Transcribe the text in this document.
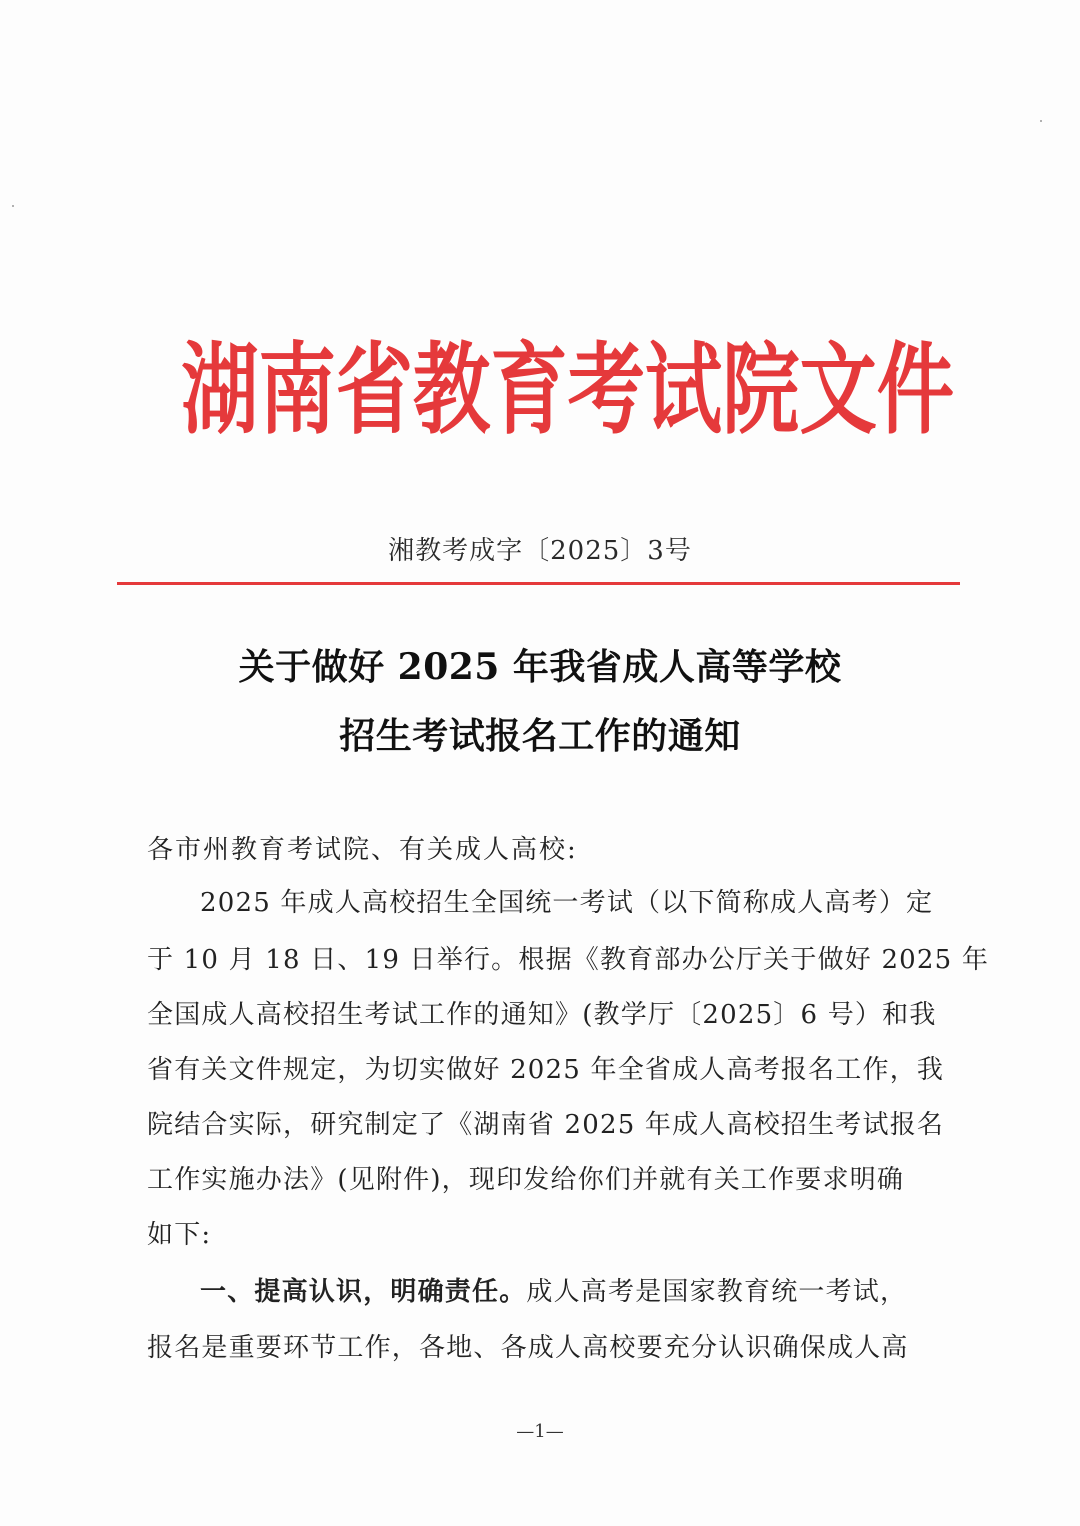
湖南省教育考试院文件
湘教考成字〔2025〕3号
关于做好 2025 年我省成人高等学校
招生考试报名工作的通知
各市州教育考试院、有关成人高校:
2025 年成人高校招生全国统一考试（以下简称成人高考）定
于 10 月 18 日、19 日举行。根据《教育部办公厅关于做好 2025 年
全国成人高校招生考试工作的通知》(教学厅〔2025〕6 号）和我
省有关文件规定，为切实做好 2025 年全省成人高考报名工作，我
院结合实际，研究制定了《湖南省 2025 年成人高校招生考试报名
工作实施办法》(见附件)，现印发给你们并就有关工作要求明确
如下:
一、提高认识，明确责任。成人高考是国家教育统一考试，
报名是重要环节工作，各地、各成人高校要充分认识确保成人高
—1—
